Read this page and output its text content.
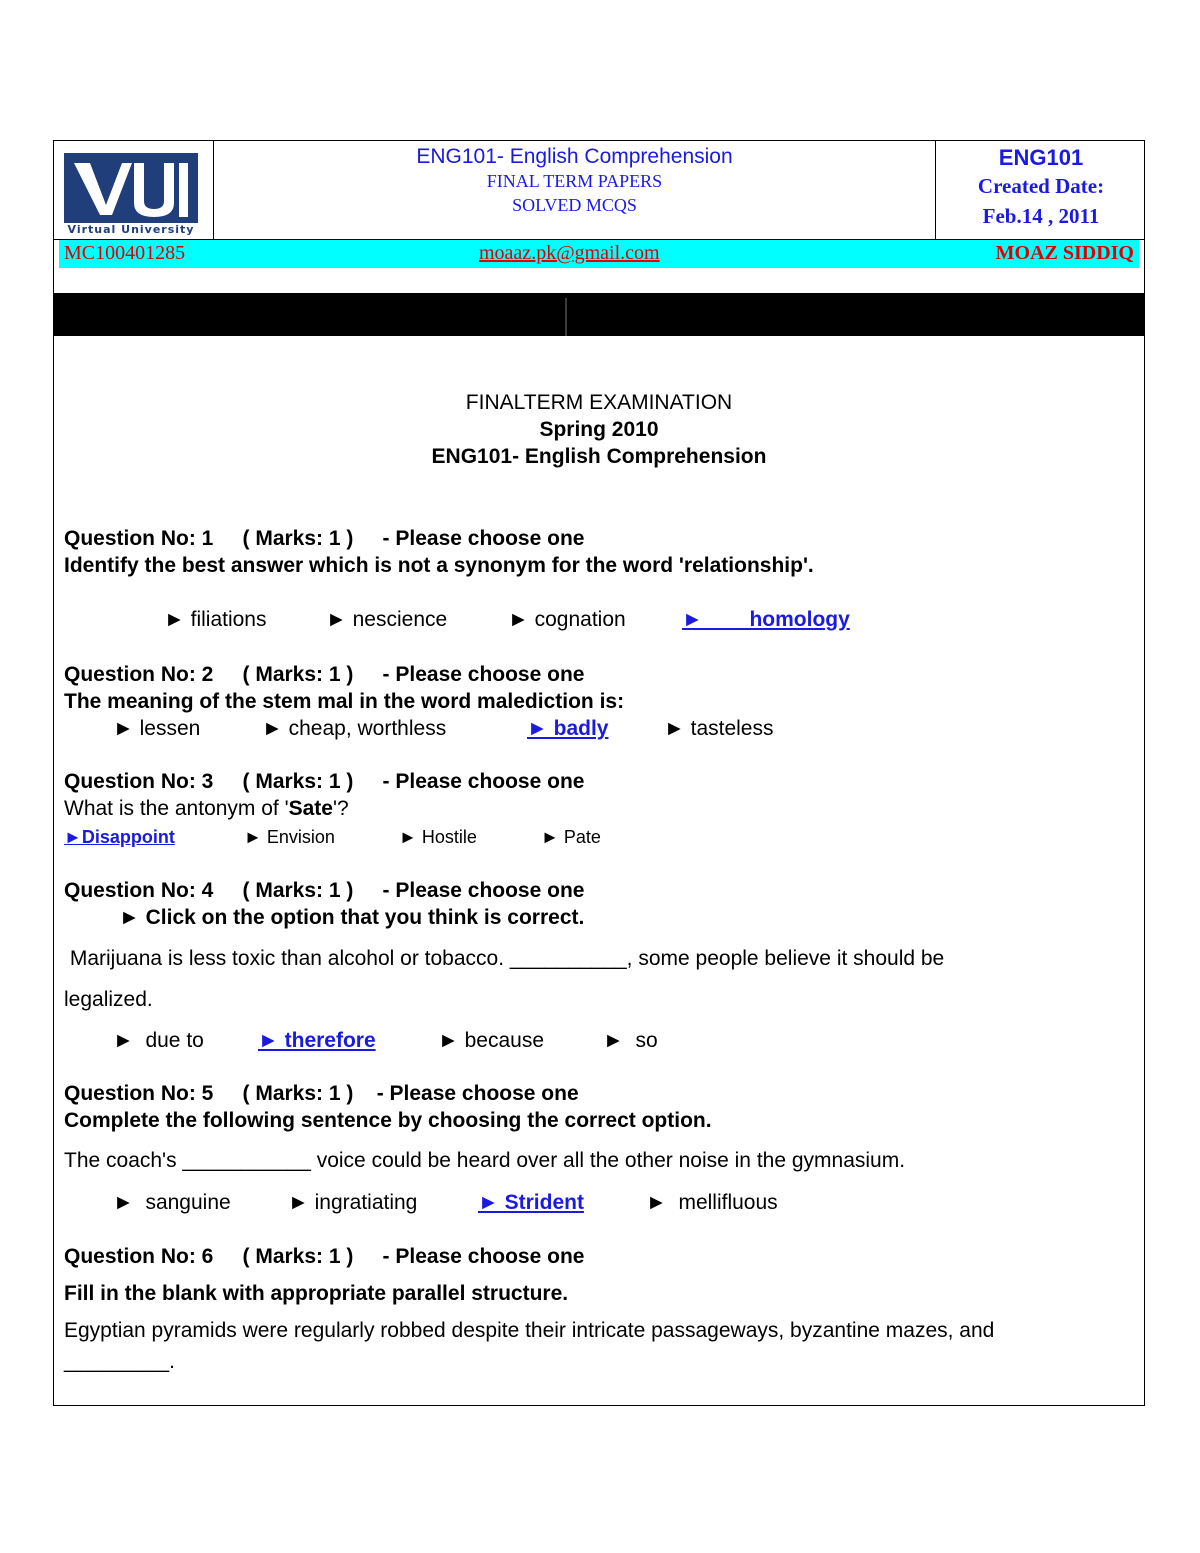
Virtual University
ENG101- English Comprehension
FINAL TERM PAPERS
SOLVED MCQS
ENG101
Created Date:
Feb.14 , 2011
MC100401285	moaaz.pk@gmail.com	MOAZ SIDDIQ
FINALTERM EXAMINATION
Spring 2010
ENG101- English Comprehension
Question No: 1     ( Marks: 1 )     - Please choose one
Identify the best answer which is not a synonym for the word 'relationship'.
► filiations	► nescience	► cognation	►        homology
Question No: 2     ( Marks: 1 )     - Please choose one
The meaning of the stem mal in the word malediction is:
► lessen	► cheap, worthless	► badly	► tasteless
Question No: 3     ( Marks: 1 )     - Please choose one
What is the antonym of 'Sate'?
►Disappoint	► Envision	► Hostile	► Pate
Question No: 4     ( Marks: 1 )     - Please choose one
► Click on the option that you think is correct.
Marijuana is less toxic than alcohol or tobacco. __________, some people believe it should be
legalized.
►  due to	► therefore	► because	►  so
Question No: 5     ( Marks: 1 )    - Please choose one
Complete the following sentence by choosing the correct option.
The coach's ___________ voice could be heard over all the other noise in the gymnasium.
►  sanguine	► ingratiating	► Strident	►  mellifluous
Question No: 6     ( Marks: 1 )     - Please choose one
Fill in the blank with appropriate parallel structure.
Egyptian pyramids were regularly robbed despite their intricate passageways, byzantine mazes, and
_________.
